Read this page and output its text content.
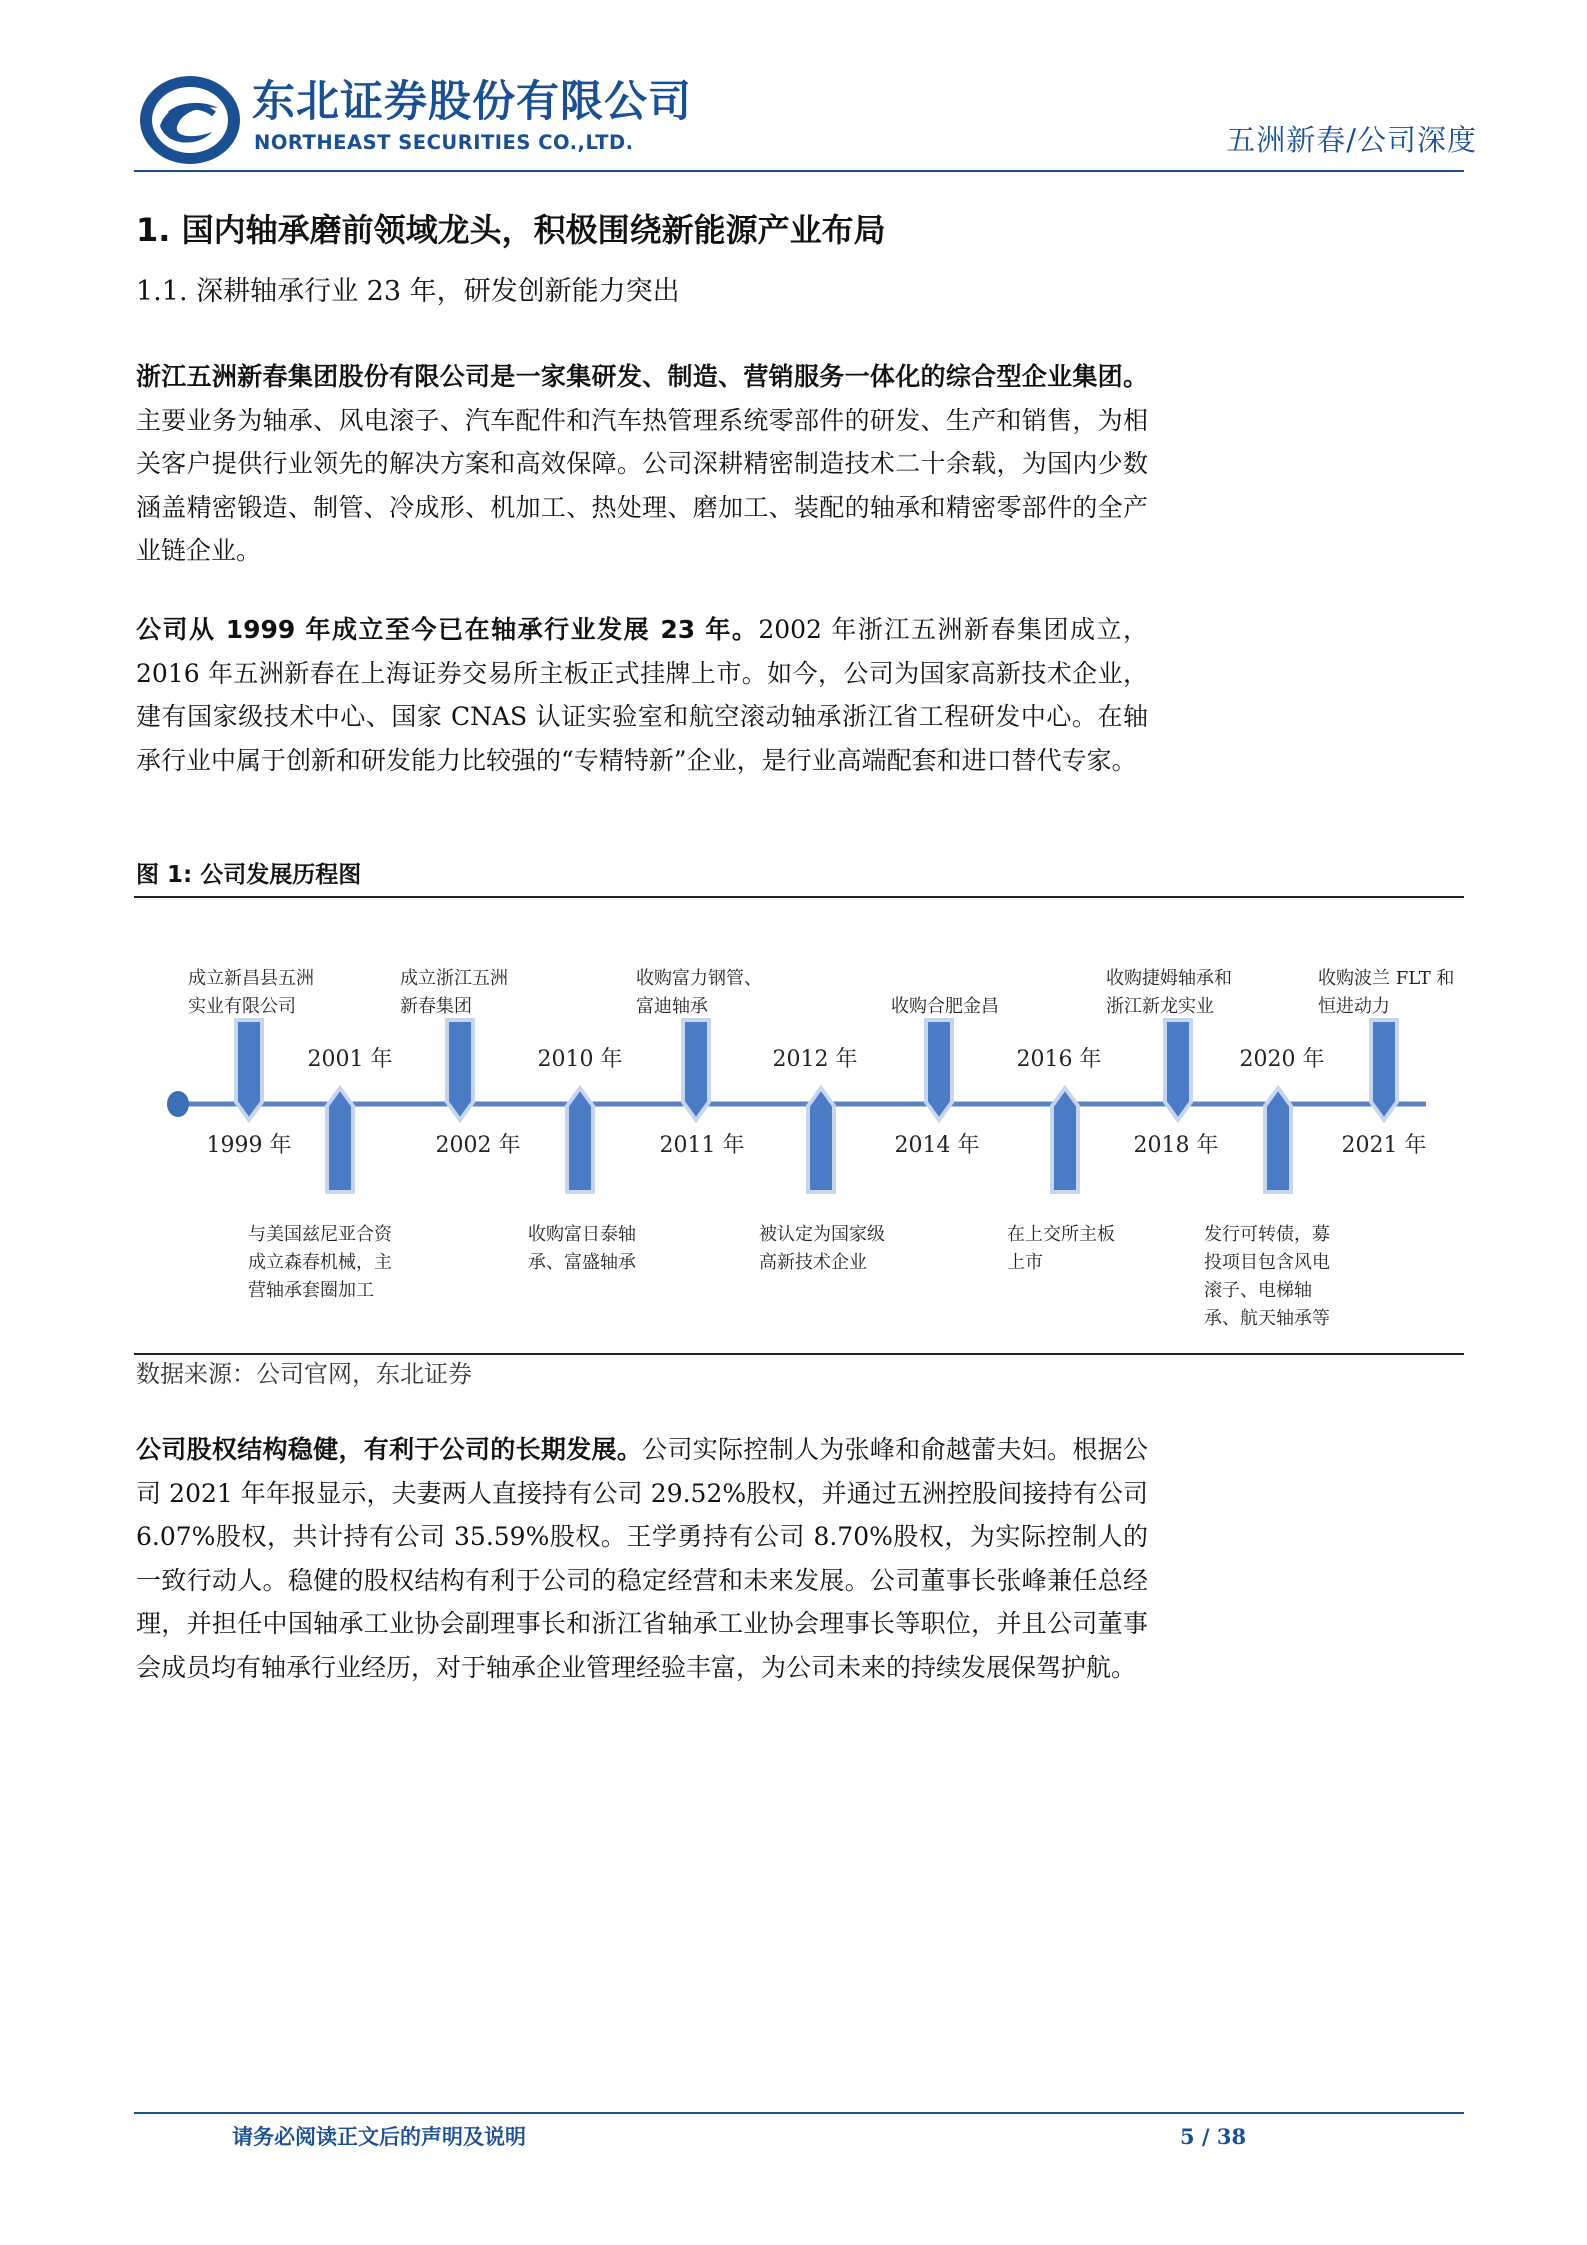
东北证券股份有限公司
NORTHEAST SECURITIES CO.,LTD.	五洲新春/公司深度
1. 国内轴承磨前领域龙头，积极围绕新能源产业布局
1.1. 深耕轴承行业 23 年，研发创新能力突出
浙江五洲新春集团股份有限公司是一家集研发、制造、营销服务一体化的综合型企业集团。主要业务为轴承、风电滚子、汽车配件和汽车热管理系统零部件的研发、生产和销售，为相关客户提供行业领先的解决方案和高效保障。公司深耕精密制造技术二十余载，为国内少数涵盖精密锻造、制管、冷成形、机加工、热处理、磨加工、装配的轴承和精密零部件的全产业链企业。
公司从 1999 年成立至今已在轴承行业发展 23 年。2002 年浙江五洲新春集团成立，2016 年五洲新春在上海证券交易所主板正式挂牌上市。如今，公司为国家高新技术企业，建有国家级技术中心、国家 CNAS 认证实验室和航空滚动轴承浙江省工程研发中心。在轴承行业中属于创新和研发能力比较强的“专精特新”企业，是行业高端配套和进口替代专家。
图 1: 公司发展历程图
1999 年
成立新昌县五洲
实业有限公司
2001 年
与美国兹尼亚合资
成立森春机械，主
营轴承套圈加工
2002 年
成立浙江五洲
新春集团
2010 年
收购富日泰轴
承、富盛轴承
2011 年
收购富力钢管、
富迪轴承
2012 年
被认定为国家级
高新技术企业
2014 年
收购合肥金昌
2016 年
在上交所主板
上市
2018 年
收购捷姆轴承和
浙江新龙实业
2020 年
发行可转债，募
投项目包含风电
滚子、电梯轴
承、航天轴承等
2021 年
收购波兰 FLT 和
恒进动力
数据来源：公司官网，东北证券
公司股权结构稳健，有利于公司的长期发展。公司实际控制人为张峰和俞越蕾夫妇。根据公司 2021 年年报显示，夫妻两人直接持有公司 29.52%股权，并通过五洲控股间接持有公司 6.07%股权，共计持有公司 35.59%股权。王学勇持有公司 8.70%股权，为实际控制人的一致行动人。稳健的股权结构有利于公司的稳定经营和未来发展。公司董事长张峰兼任总经理，并担任中国轴承工业协会副理事长和浙江省轴承工业协会理事长等职位，并且公司董事会成员均有轴承行业经历，对于轴承企业管理经验丰富，为公司未来的持续发展保驾护航。
请务必阅读正文后的声明及说明	5 / 38
